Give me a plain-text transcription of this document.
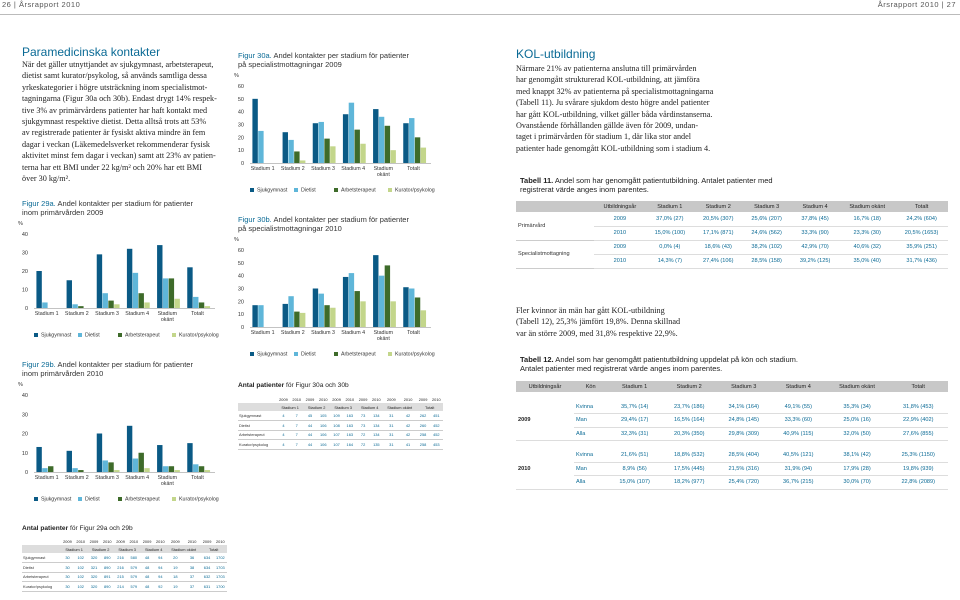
26 | Årsrapport 2010	Årsrapport 2010 | 27
Paramedicinska kontakter
När det gäller utnyttjandet av sjukgymnast, arbetsterapeut,
dietist samt kurator/psykolog, så används samtliga dessa
yrkeskategorier i högre utsträckning inom specialistmot-
tagningarna (Figur 30a och 30b). Endast drygt 14% respek-
tive 3% av primärvårdens patienter har haft kontakt med
sjukgymnast respektive dietist. Detta alltså trots att 53%
av registrerade patienter är fysiskt aktiva mindre än fem
dagar i veckan (Läkemedelsverket rekommenderar fysisk
aktivitet minst fem dagar i veckan) samt att 23% av patien-
terna har ett BMI under 22 kg/m² och 20% har ett BMI
över 30 kg/m².
Figur 29a. Andel kontakter per stadium för patienter
inom primärvården 2009
%
0
10
20
30
40
Stadium 1 Stadium 2 Stadium 3 Stadium 4 Stadium
okänt
Totalt
Sjukgymnast	Dietist	Arbetsterapeut	Kurator/psykolog
Figur 29b. Andel kontakter per stadium för patienter
inom primärvården 2010
%
0
10
20
30
40
Stadium 1 Stadium 2 Stadium 3 Stadium 4 Stadium
okänt
Totalt
Sjukgymnast	Dietist	Arbetsterapeut	Kurator/psykolog
Antal patienter för Figur 29a och 29b
	2009	2010	2009	2010	2009	2010	2009	2010	2009	2010	2009	2010
	Stadium 1		Stadium 2		Stadium 3		Stadium 4		Stadium okänt		Totalt	
Sjukgymnast	30	102	320	890	216	580	48	94	20	36	634	1702
Dietist	30	102	321	890	216	579	48	94	19	38	634	1703
Arbetsterapeut	30	102	320	891	215	579	48	94	18	37	632	1703
Kurator/psykolog	30	102	320	890	214	579	48	92	19	37	631	1700
Figur 30a. Andel kontakter per stadium för patienter
på specialistmottagningar 2009
%
0
10
20
30
40
50
60
Stadium 1 Stadium 2 Stadium 3 Stadium 4 Stadium
okänt
Totalt
Sjukgymnast	Dietist	Arbetsterapeut	Kurator/psykolog
Figur 30b. Andel kontakter per stadium för patienter
på specialistmottagningar 2010
%
0
10
20
30
40
50
60
Stadium 1 Stadium 2 Stadium 3 Stadium 4 Stadium
okänt
Totalt
Sjukgymnast	Dietist	Arbetsterapeut	Kurator/psykolog
Antal patienter för Figur 30a och 30b
	2009	2010	2009	2010	2009	2010	2009	2010	2009	2010	2009	2010
	Stadium 1		Stadium 2		Stadium 3		Stadium 4		Stadium okänt		Totalt	
Sjukgymnast	4	7	45	105	109	163	73	134	31	42	262	451
Dietist	4	7	44	106	108	163	73	134	31	42	260	452
Arbetsterapeut	4	7	44	106	107	163	72	134	31	42	258	452
Kurator/psykolog	4	7	44	106	107	164	72	135	31	41	258	453
KOL-utbildning
Närmare 21% av patienterna anslutna till primärvården
har genomgått strukturerad KOL-utbildning, att jämföra
med knappt 32% av patienterna på specialistmottagningarna
(Tabell 11). Ju svårare sjukdom desto högre andel patienter
har gått KOL-utbildning, vilket gäller båda vårdinstanserna.
Ovanstående förhållanden gällde även för 2009, undan-
taget i primärvården för stadium 1, där lika stor andel
patienter hade genomgått KOL-utbildning som i stadium 4.
Tabell 11. Andel som har genomgått patientutbildning. Antalet patienter med
registrerat värde anges inom parentes.
	Utbildningsår	Stadium 1	Stadium 2	Stadium 3	Stadium 4	Stadium okänt	Totalt
Primärvård	2009	37,0% (27)	20,5% (307)	25,6% (207)	37,8% (45)	16,7% (18)	24,2% (604)
	2010	15,0% (100)	17,1% (871)	24,6% (562)	33,3% (90)	23,3% (30)	20,5% (1653)
Specialistmottagning	2009	0,0% (4)	18,6% (43)	38,2% (102)	42,9% (70)	40,6% (32)	35,9% (251)
	2010	14,3% (7)	27,4% (106)	28,5% (158)	39,2% (125)	35,0% (40)	31,7% (436)
Fler kvinnor än män har gått KOL-utbildning
(Tabell 12), 25,3% jämfört 19,8%. Denna skillnad
var än större 2009, med 31,8% respektive 22,9%.
Tabell 12. Andel som har genomgått patientutbildning uppdelat på kön och stadium.
Antalet patienter med registrerat värde anges inom parentes.
Utbildningsår	Kön	Stadium 1	Stadium 2	Stadium 3	Stadium 4	Stadium okänt	Totalt

2009	Kvinna	35,7% (14)	23,7% (186)	34,1% (164)	49,1% (55)	35,3% (34)	31,8% (453)
	Man	29,4% (17)	16,5% (164)	24,8% (145)	33,3% (60)	25,0% (16)	22,9% (402)
	Alla	32,3% (31)	20,3% (350)	29,8% (309)	40,9% (115)	32,0% (50)	27,6% (855)

2010	Kvinna	21,6% (51)	18,8% (532)	28,5% (404)	40,5% (121)	38,1% (42)	25,3% (1150)
	Man	8,9% (56)	17,5% (445)	21,5% (316)	31,9% (94)	17,9% (28)	19,8% (939)
	Alla	15,0% (107)	18,2% (977)	25,4% (720)	36,7% (215)	30,0% (70)	22,8% (2089)
